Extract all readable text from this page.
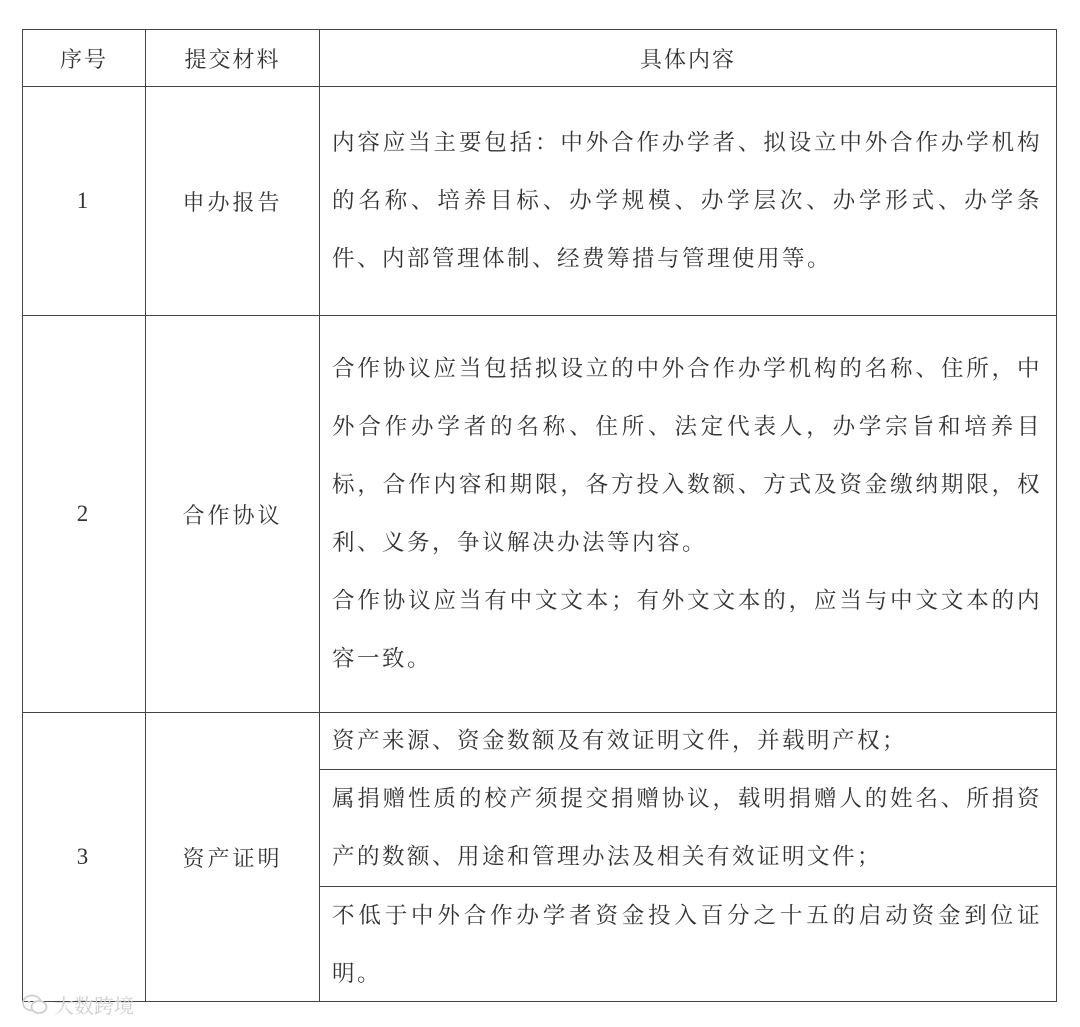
序号	提交材料	具体内容
1	申办报告	内容应当主要包括：中外合作办学者、拟设立中外合作办学机构的名称、培养目标、办学规模、办学层次、办学形式、办学条件、内部管理体制、经费筹措与管理使用等。

2	合作协议	合作协议应当包括拟设立的中外合作办学机构的名称、住所，中外合作办学者的名称、住所、法定代表人，办学宗旨和培养目标，合作内容和期限，各方投入数额、方式及资金缴纳期限，权利、义务，争议解决办法等内容。

合作协议应当有中文文本；有外文文本的，应当与中文文本的内容一致。

3	资产证明	资产来源、资金数额及有效证明文件，并载明产权；
属捐赠性质的校产须提交捐赠协议，载明捐赠人的姓名、所捐资产的数额、用途和管理办法及相关有效证明文件；
不低于中外合作办学者资金投入百分之十五的启动资金到位证明。
大数跨境
